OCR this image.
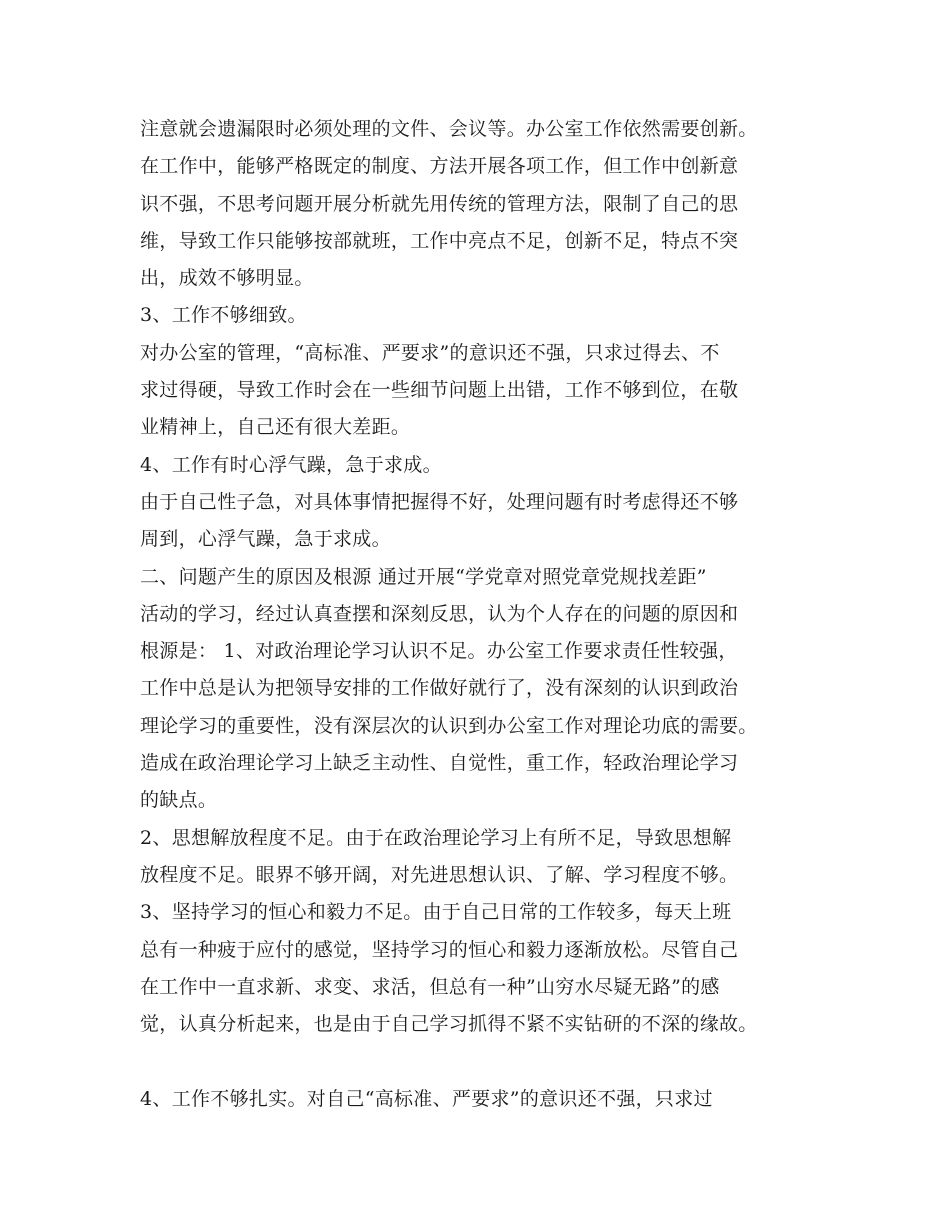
注意就会遗漏限时必须处理的文件、会议等。办公室工作依然需要创新。
在工作中，能够严格既定的制度、方法开展各项工作，但工作中创新意
识不强，不思考问题开展分析就先用传统的管理方法，限制了自己的思
维，导致工作只能够按部就班，工作中亮点不足，创新不足，特点不突
出，成效不够明显。
3、工作不够细致。
对办公室的管理，“高标准、严要求”的意识还不强，只求过得去、不
求过得硬，导致工作时会在一些细节问题上出错，工作不够到位，在敬
业精神上，自己还有很大差距。
4、工作有时心浮气躁，急于求成。
由于自己性子急，对具体事情把握得不好，处理问题有时考虑得还不够
周到，心浮气躁，急于求成。
二、问题产生的原因及根源 通过开展“学党章对照党章党规找差距”
活动的学习，经过认真查摆和深刻反思，认为个人存在的问题的原因和
根源是： 1、对政治理论学习认识不足。办公室工作要求责任性较强，
工作中总是认为把领导安排的工作做好就行了，没有深刻的认识到政治
理论学习的重要性，没有深层次的认识到办公室工作对理论功底的需要。
造成在政治理论学习上缺乏主动性、自觉性，重工作，轻政治理论学习
的缺点。
2、思想解放程度不足。由于在政治理论学习上有所不足，导致思想解
放程度不足。眼界不够开阔，对先进思想认识、了解、学习程度不够。
3、坚持学习的恒心和毅力不足。由于自己日常的工作较多，每天上班
总有一种疲于应付的感觉，坚持学习的恒心和毅力逐渐放松。尽管自己
在工作中一直求新、求变、求活，但总有一种”山穷水尽疑无路”的感
觉，认真分析起来，也是由于自己学习抓得不紧不实钻研的不深的缘故。
4、工作不够扎实。对自己“高标准、严要求”的意识还不强，只求过
